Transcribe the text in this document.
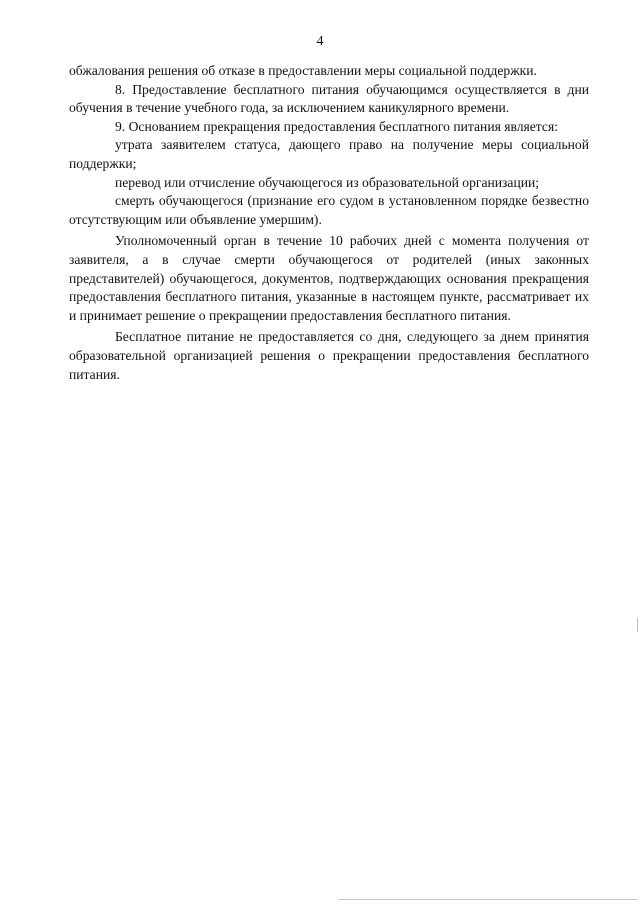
4

обжалования решения об отказе в предоставлении меры социальной поддержки.

8. Предоставление бесплатного питания обучающимся осуществляется в дни обучения в течение учебного года, за исключением каникулярного времени.

9. Основанием прекращения предоставления бесплатного питания является:

утрата заявителем статуса, дающего право на получение меры социальной поддержки;

перевод или отчисление обучающегося из образовательной организации;

смерть обучающегося (признание его судом в установленном порядке безвестно отсутствующим или объявление умершим).

Уполномоченный орган в течение 10 рабочих дней с момента получения от заявителя, а в случае смерти обучающегося от родителей (иных законных представителей) обучающегося, документов, подтверждающих основания прекращения предоставления бесплатного питания, указанные в настоящем пункте, рассматривает их и принимает решение о прекращении предоставления бесплатного питания.

Бесплатное питание не предоставляется со дня, следующего за днем принятия образовательной организацией решения о прекращении предоставления бесплатного питания.
